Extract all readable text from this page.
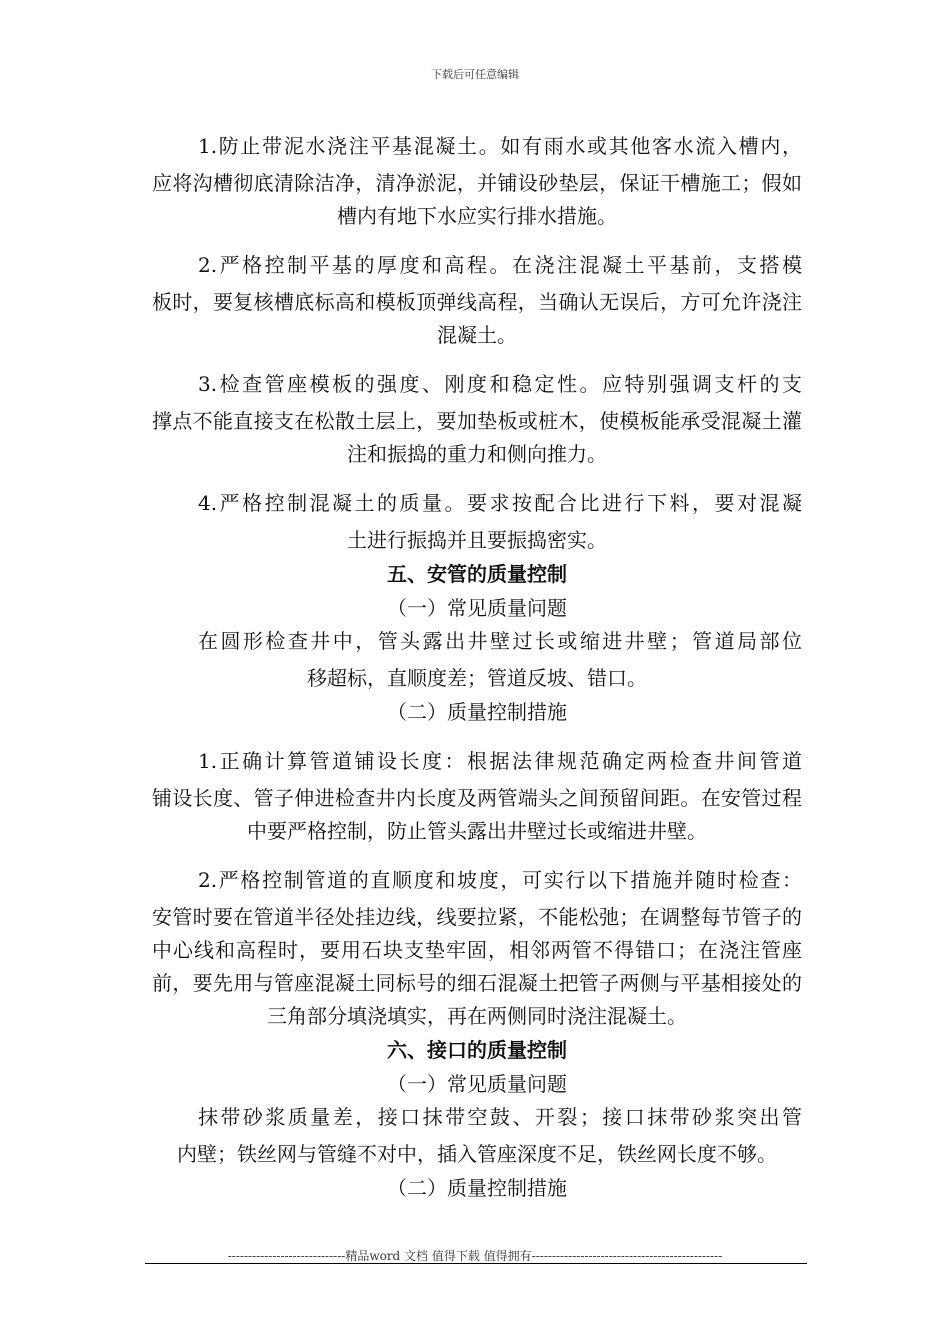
下载后可任意编辑

1.防止带泥水浇注平基混凝土。如有雨水或其他客水流入槽内，
应将沟槽彻底清除洁净，清净淤泥，并铺设砂垫层，保证干槽施工；假如槽内有地下水应实行排水措施。

2.严格控制平基的厚度和高程。在浇注混凝土平基前，支搭模
板时，要复核槽底标高和模板顶弹线高程，当确认无误后，方可允许浇注混凝土。

3.检查管座模板的强度、刚度和稳定性。应特别强调支杆的支
撑点不能直接支在松散土层上，要加垫板或桩木，使模板能承受混凝土灌注和振捣的重力和侧向推力。

4.严格控制混凝土的质量。要求按配合比进行下料，要对混凝
土进行振捣并且要振捣密实。

五、安管的质量控制

（一）常见质量问题

在圆形检查井中，管头露出井壁过长或缩进井壁；管道局部位
移超标，直顺度差；管道反坡、错口。

（二）质量控制措施

1.正确计算管道铺设长度：根据法律规范确定两检查井间管道
铺设长度、管子伸进检查井内长度及两管端头之间预留间距。在安管过程中要严格控制，防止管头露出井壁过长或缩进井壁。

2.严格控制管道的直顺度和坡度，可实行以下措施并随时检查：
安管时要在管道半径处挂边线，线要拉紧，不能松弛；在调整每节管子的中心线和高程时，要用石块支垫牢固，相邻两管不得错口；在浇注管座前，要先用与管座混凝土同标号的细石混凝土把管子两侧与平基相接处的三角部分填浇填实，再在两侧同时浇注混凝土。

六、接口的质量控制

（一）常见质量问题

抹带砂浆质量差，接口抹带空鼓、开裂；接口抹带砂浆突出管
内壁；铁丝网与管缝不对中，插入管座深度不足，铁丝网长度不够。

（二）质量控制措施

-----------------------------精品word 文档 值得下载 值得拥有-----------------------------------------------
